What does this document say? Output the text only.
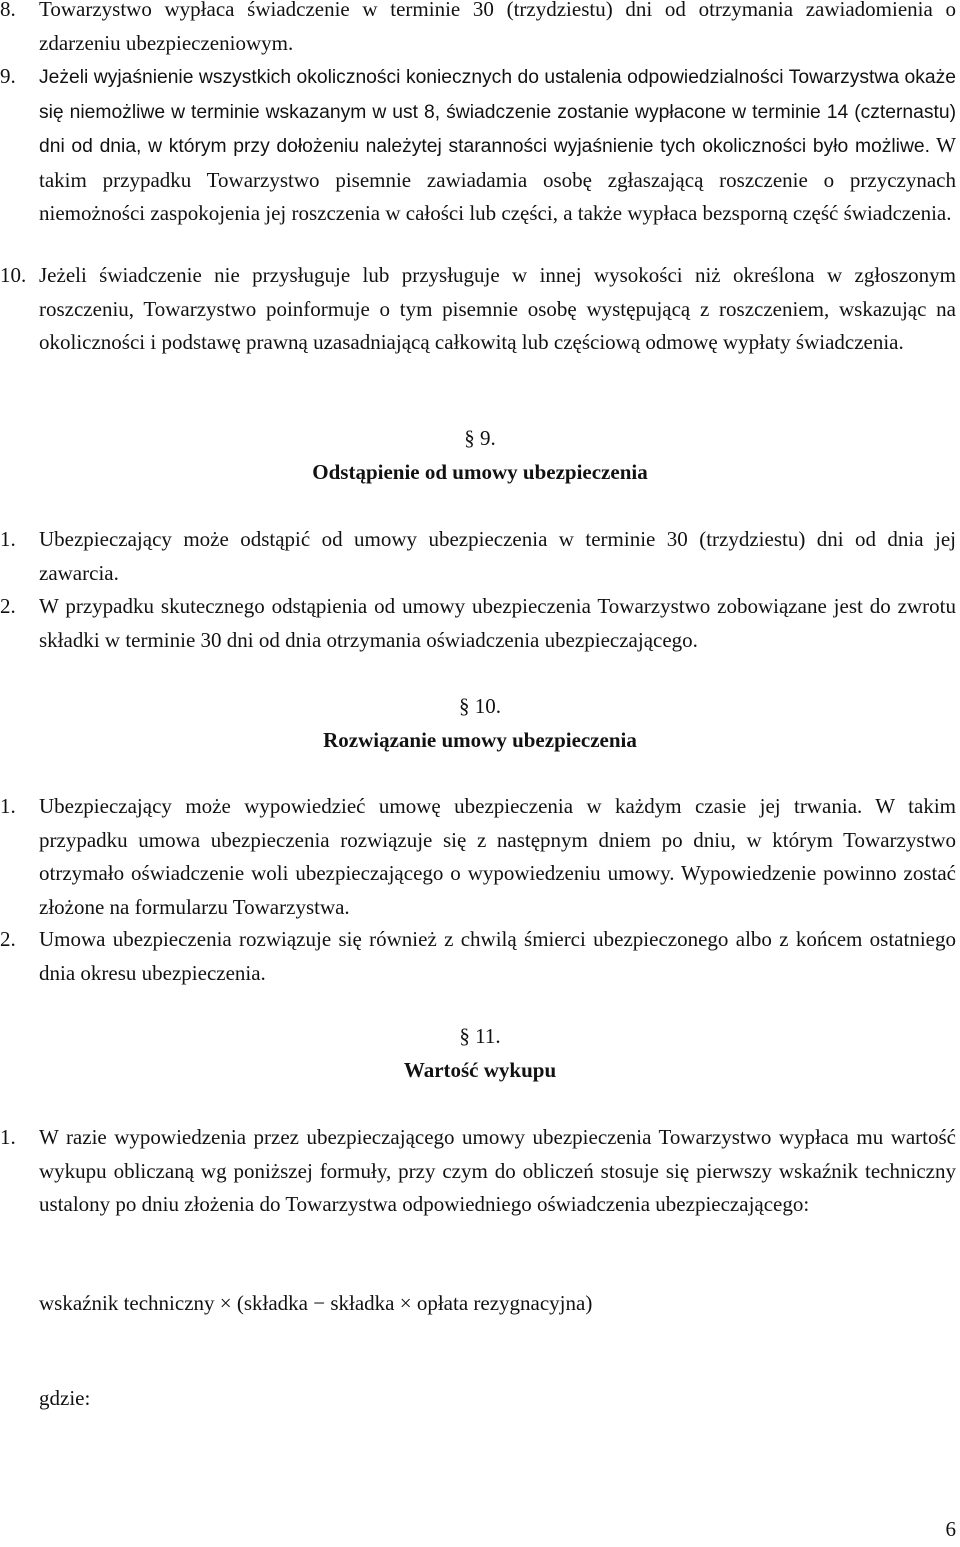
8. Towarzystwo wypłaca świadczenie w terminie 30 (trzydziestu) dni od otrzymania zawiadomienia o zdarzeniu ubezpieczeniowym.
9. Jeżeli wyjaśnienie wszystkich okoliczności koniecznych do ustalenia odpowiedzialności Towarzystwa okaże się niemożliwe w terminie wskazanym w ust 8, świadczenie zostanie wypłacone w terminie 14 (czternastu) dni od dnia, w którym przy dołożeniu należytej staranności wyjaśnienie tych okoliczności było możliwe. W takim przypadku Towarzystwo pisemnie zawiadamia osobę zgłaszającą roszczenie o przyczynach niemożności zaspokojenia jej roszczenia w całości lub części, a także wypłaca bezsporną część świadczenia.
10. Jeżeli świadczenie nie przysługuje lub przysługuje w innej wysokości niż określona w zgłoszonym roszczeniu, Towarzystwo poinformuje o tym pisemnie osobę występującą z roszczeniem, wskazując na okoliczności i podstawę prawną uzasadniającą całkowitą lub częściową odmowę wypłaty świadczenia.
§ 9.
Odstąpienie od umowy ubezpieczenia
1. Ubezpieczający może odstąpić od umowy ubezpieczenia w terminie 30 (trzydziestu) dni od dnia jej zawarcia.
2. W przypadku skutecznego odstąpienia od umowy ubezpieczenia Towarzystwo zobowiązane jest do zwrotu składki w terminie 30 dni od dnia otrzymania oświadczenia ubezpieczającego.
§ 10.
Rozwiązanie umowy ubezpieczenia
1. Ubezpieczający może wypowiedzieć umowę ubezpieczenia w każdym czasie jej trwania. W takim przypadku umowa ubezpieczenia rozwiązuje się z następnym dniem po dniu, w którym Towarzystwo otrzymało oświadczenie woli ubezpieczającego o wypowiedzeniu umowy. Wypowiedzenie powinno zostać złożone na formularzu Towarzystwa.
2. Umowa ubezpieczenia rozwiązuje się również z chwilą śmierci ubezpieczonego albo z końcem ostatniego dnia okresu ubezpieczenia.
§ 11.
Wartość wykupu
1. W razie wypowiedzenia przez ubezpieczającego umowy ubezpieczenia Towarzystwo wypłaca mu wartość wykupu obliczaną wg poniższej formuły, przy czym do obliczeń stosuje się pierwszy wskaźnik techniczny ustalony po dniu złożenia do Towarzystwa odpowiedniego oświadczenia ubezpieczającego:
wskaźnik techniczny × (składka − składka × opłata rezygnacyjna)
gdzie:
6
